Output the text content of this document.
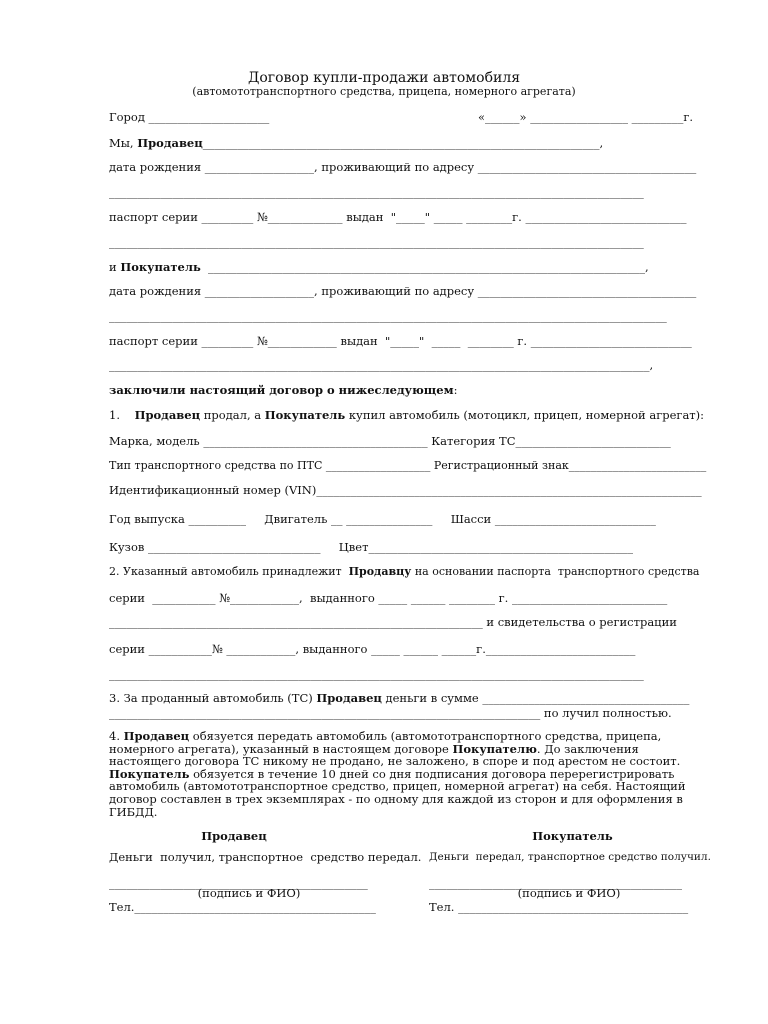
Договор купли-продажи автомобиля
(автомототранспортного средства, прицепа, номерного агрегата)
Город _____________________	«______» _________________ _________г.
Мы, Продавец_____________________________________________________________________,
дата рождения ___________________, проживающий по адресу ______________________________________
_____________________________________________________________________________________________
паспорт серии _________ №_____________ выдан  "_____" _____ ________г. ____________________________
_____________________________________________________________________________________________
и Покупатель  ____________________________________________________________________________,
дата рождения ___________________, проживающий по адресу ______________________________________
_________________________________________________________________________________________________
паспорт серии _________ №____________ выдан  "_____"  _____  ________ г. ____________________________
______________________________________________________________________________________________,
заключили настоящий договор о нижеследующем:
1.    Продавец продал, а Покупатель купил автомобиль (мотоцикл, прицеп, номерной агрегат):
Марка, модель _______________________________________ Категория ТС___________________________
Тип транспортного средства по ПТС ___________________ Регистрационный знак_________________________
Идентификационный номер (VIN)___________________________________________________________________
Год выпуска __________     Двигатель __ _______________     Шасси ____________________________
Кузов ______________________________     Цвет______________________________________________
2. Указанный автомобиль принадлежит  Продавцу на основании паспорта  транспортного средства
серии  ___________ №____________,  выданного _____ ______ ________ г. ___________________________
_________________________________________________________________ и свидетельства о регистрации
серии ___________№ ____________, выданного _____ ______ ______г.__________________________
_____________________________________________________________________________________________
3. За проданный автомобиль (ТС) Продавец деньги в сумме ____________________________________
___________________________________________________________________________ по лучил полностью.
4. Продавец обязуется передать автомобиль (автомототранспортного средства, прицепа, номерного агрегата), указанный в настоящем договоре Покупателю. До заключения настоящего договора ТС никому не продано, не заложено, в споре и под арестом не состоит. Покупатель обязуется в течение 10 дней со дня подписания договора перерегистрировать автомобиль (автомототранспортное средство, прицеп, номерной агрегат) на себя. Настоящий договор составлен в трех экземплярах - по одному для каждой из сторон и для оформления в ГИБДД.
Продавец	Покупатель
Деньги  получил, транспортное  средство передал. Деньги  передал, транспортное средство получил.
_____________________________________________	____________________________________________
(подпись и ФИО)	(подпись и ФИО)
Тел.__________________________________________	Тел. ________________________________________
